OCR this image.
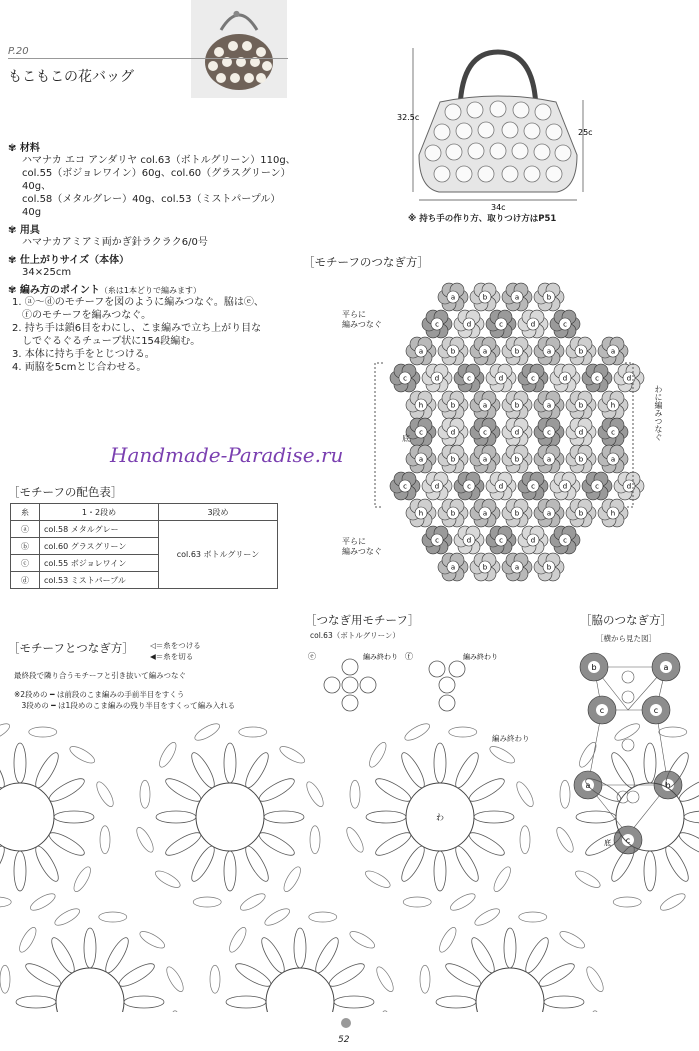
●
P.20
もこもこの花バッグ
✾ 材料
ハマナカ エコ アンダリヤ col.63（ボトルグリーン）110g、
col.55（ボジョレワイン）60g、col.60（グラスグリーン）40g、
col.58（メタルグレー）40g、col.53（ミストパープル）40g
✾ 用具
ハマナカアミアミ両かぎ針ラクラク6/0号
✾ 仕上がりサイズ（本体）
34×25cm
✾ 編み方のポイント（糸は1本どりで編みます）
1. ⓐ～ⓓのモチーフを図のように編みつなぐ。脇はⓔ、
　ⓕのモチーフを編みつなぐ。
2. 持ち手は鎖6目をわにし、こま編みで立ち上がり目な
　しでぐるぐるチューブ状に154段編む。
3. 本体に持ち手をとじつける。
4. 両脇を5cmとじ合わせる。
Handmade-Paradise.ru
32.5c
25c
34c
※ 持ち手の作り方、取りつけ方はP51
［モチーフのつなぎ方］
a	b	a	b
c	d	c	d	c
a	b	a	b	a	b	a
c	d	c	d	c	d	c	d
h	b	a	b	a	b	h
c	d	c	d	c	d	c
a	b	a	b	a	b	a
c	d	c	d	c	d	c	d
h	b	a	b	a	b	h
c	d	c	d	c
a	b	a	b
平らに
編みつなぐ
平らに
編みつなぐ
わに編みつなぐ
底
［モチーフの配色表］
糸	1・2段め	3段め
ⓐ	col.58 メタルグレー	col.63 ボトルグリーン
ⓑ	col.60 グラスグリーン	
ⓒ	col.55 ボジョレワイン	
ⓓ	col.53 ミストパープル	
［つなぎ用モチーフ］
col.63（ボトルグリーン）
ⓔ	ⓕ
編み終わり	編み終わり
［脇のつなぎ方］
［横から見た図］
b	a
c	c
a	b
c
底
［モチーフとつなぎ方］ ◁＝糸をつける
◀＝糸を切る
最終段で隣り合うモチーフと引き抜いて編みつなぐ
※2段めの ━ は前段のこま編みの手前半目をすくう
　3段めの ━ は1段めのこま編みの残り半目をすくって編み入れる
わ
編み終わり
52
